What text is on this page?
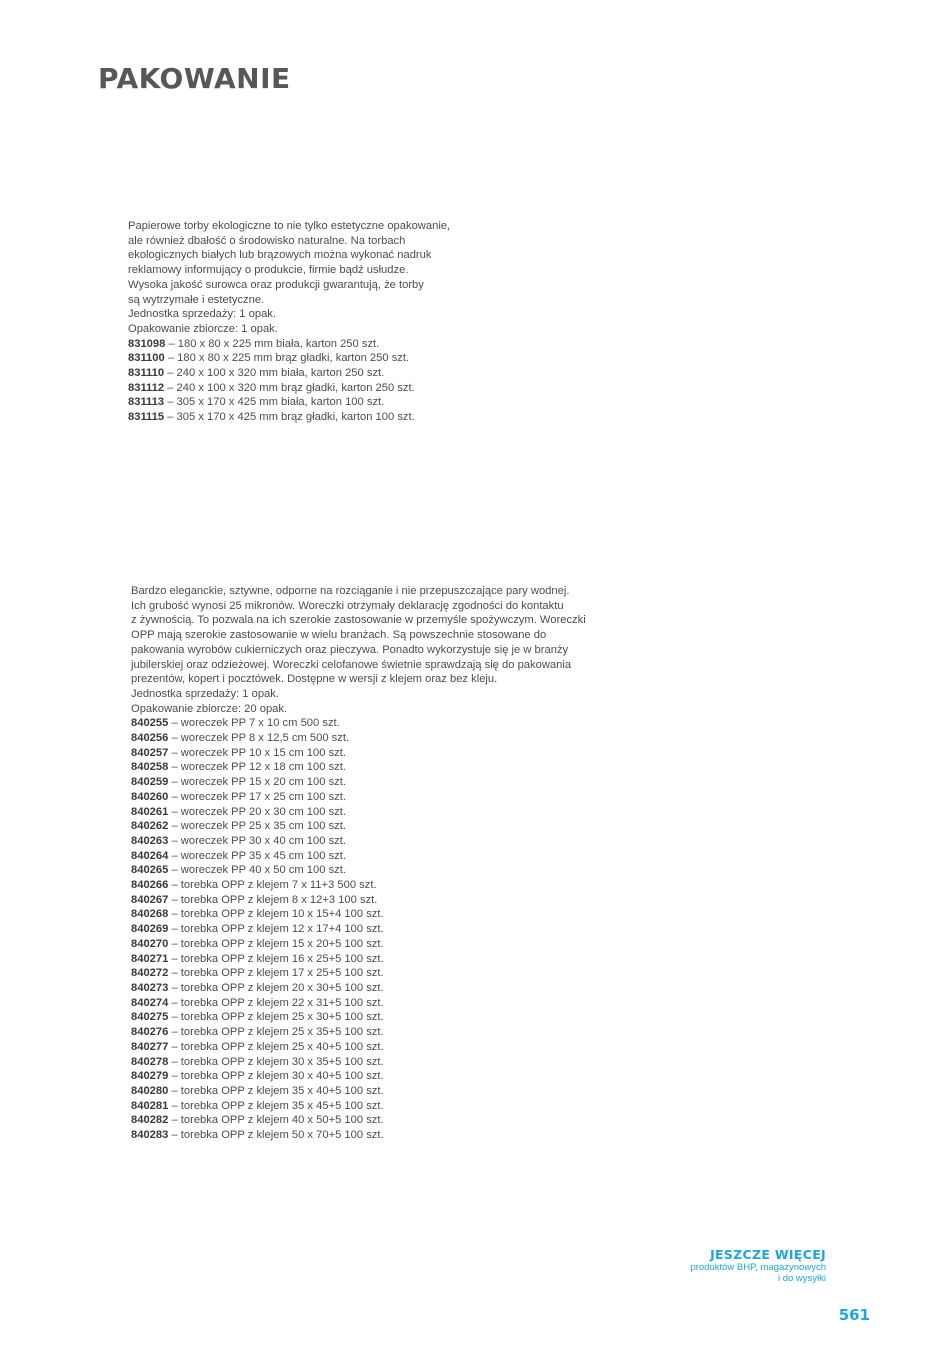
PAKOWANIE
Papierowe torby ekologiczne to nie tylko estetyczne opakowanie,
ale również dbałość o środowisko naturalne. Na torbach
ekologicznych białych lub brązowych można wykonać nadruk
reklamowy informujący o produkcie, firmie bądź usłudze.
Wysoka jakość surowca oraz produkcji gwarantują, że torby
są wytrzymałe i estetyczne.
Jednostka sprzedaży: 1 opak.
Opakowanie zbiorcze: 1 opak.
831098 – 180 x 80 x 225 mm biała, karton 250 szt.
831100 – 180 x 80 x 225 mm brąz gładki, karton 250 szt.
831110 – 240 x 100 x 320 mm biała, karton 250 szt.
831112 – 240 x 100 x 320 mm brąz gładki, karton 250 szt.
831113 – 305 x 170 x 425 mm biała, karton 100 szt.
831115 – 305 x 170 x 425 mm brąz gładki, karton 100 szt.
Bardzo eleganckie, sztywne, odporne na rozciąganie i nie przepuszczające pary wodnej.
Ich grubość wynosi 25 mikronów. Woreczki otrzymały deklarację zgodności do kontaktu
z żywnością. To pozwala na ich szerokie zastosowanie w przemyśle spożywczym. Woreczki
OPP mają szerokie zastosowanie w wielu branżach. Są powszechnie stosowane do
pakowania wyrobów cukierniczych oraz pieczywa. Ponadto wykorzystuje się je w branży
jubilerskiej oraz odzieżowej. Woreczki celofanowe świetnie sprawdzają się do pakowania
prezentów, kopert i pocztówek. Dostępne w wersji z klejem oraz bez kleju.
Jednostka sprzedaży: 1 opak.
Opakowanie zbiorcze: 20 opak.
840255 – woreczek PP 7 x 10 cm 500 szt.
840256 – woreczek PP 8 x 12,5 cm 500 szt.
840257 – woreczek PP 10 x 15 cm 100 szt.
840258 – woreczek PP 12 x 18 cm 100 szt.
840259 – woreczek PP 15 x 20 cm 100 szt.
840260 – woreczek PP 17 x 25 cm 100 szt.
840261 – woreczek PP 20 x 30 cm 100 szt.
840262 – woreczek PP 25 x 35 cm 100 szt.
840263 – woreczek PP 30 x 40 cm 100 szt.
840264 – woreczek PP 35 x 45 cm 100 szt.
840265 – woreczek PP 40 x 50 cm 100 szt.
840266 – torebka OPP z klejem 7 x 11+3 500 szt.
840267 – torebka OPP z klejem 8 x 12+3 100 szt.
840268 – torebka OPP z klejem 10 x 15+4 100 szt.
840269 – torebka OPP z klejem 12 x 17+4 100 szt.
840270 – torebka OPP z klejem 15 x 20+5 100 szt.
840271 – torebka OPP z klejem 16 x 25+5 100 szt.
840272 – torebka OPP z klejem 17 x 25+5 100 szt.
840273 – torebka OPP z klejem 20 x 30+5 100 szt.
840274 – torebka OPP z klejem 22 x 31+5 100 szt.
840275 – torebka OPP z klejem 25 x 30+5 100 szt.
840276 – torebka OPP z klejem 25 x 35+5 100 szt.
840277 – torebka OPP z klejem 25 x 40+5 100 szt.
840278 – torebka OPP z klejem 30 x 35+5 100 szt.
840279 – torebka OPP z klejem 30 x 40+5 100 szt.
840280 – torebka OPP z klejem 35 x 40+5 100 szt.
840281 – torebka OPP z klejem 35 x 45+5 100 szt.
840282 – torebka OPP z klejem 40 x 50+5 100 szt.
840283 – torebka OPP z klejem 50 x 70+5 100 szt.
JESZCZE WIĘCEJ
produktów BHP, magazynowych
i do wysyłki
561
